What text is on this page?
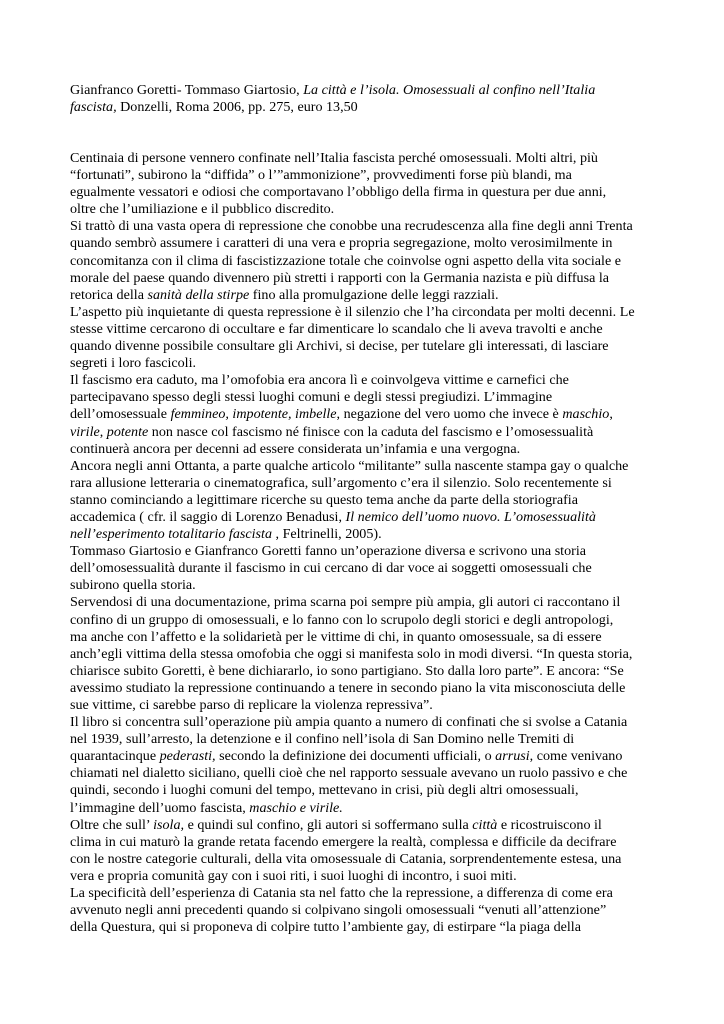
Gianfranco Goretti- Tommaso Giartosio, La città e l’isola. Omosessuali al confino nell’Italia
fascista, Donzelli, Roma 2006, pp. 275, euro 13,50
Centinaia di persone vennero confinate nell’Italia fascista perché omosessuali. Molti altri, più
“fortunati”, subirono la “diffida” o l’”ammonizione”, provvedimenti forse più blandi, ma
egualmente vessatori e odiosi che comportavano l’obbligo della firma in questura per due anni,
oltre che l’umiliazione e il pubblico discredito.
Si trattò di una vasta opera di repressione che conobbe una recrudescenza alla fine degli anni Trenta
quando sembrò assumere i caratteri di una vera e propria segregazione, molto verosimilmente in
concomitanza con il clima di fascistizzazione totale che coinvolse ogni aspetto della vita sociale e
morale del paese quando divennero più stretti i rapporti con la Germania nazista e più diffusa la
retorica della sanità della stirpe fino alla promulgazione delle leggi razziali.
L’aspetto più inquietante di questa repressione è il silenzio che l’ha circondata per molti decenni. Le
stesse vittime cercarono di occultare e far dimenticare lo scandalo che li aveva travolti e anche
quando divenne possibile consultare gli Archivi, si decise, per tutelare gli interessati, di lasciare
segreti i loro fascicoli.
Il fascismo era caduto, ma l’omofobia era ancora lì e coinvolgeva vittime e carnefici che
partecipavano spesso degli stessi luoghi comuni e degli stessi pregiudizi. L’immagine
dell’omosessuale femmineo, impotente, imbelle, negazione del vero uomo che invece è maschio,
virile, potente non nasce col fascismo né finisce con la caduta del fascismo e l’omosessualità
continuerà ancora per decenni ad essere considerata un’infamia e una vergogna.
Ancora negli anni Ottanta, a parte qualche articolo “militante” sulla nascente stampa gay o qualche
rara allusione letteraria o cinematografica, sull’argomento c’era il silenzio. Solo recentemente si
stanno cominciando a legittimare ricerche su questo tema anche da parte della storiografia
accademica ( cfr. il saggio di Lorenzo Benadusi, Il nemico dell’uomo nuovo. L’omosessualità
nell’esperimento totalitario fascista , Feltrinelli, 2005).
Tommaso Giartosio e Gianfranco Goretti fanno un’operazione diversa e scrivono una storia
dell’omosessualità durante il fascismo in cui cercano di dar voce ai soggetti omosessuali che
subirono quella storia.
Servendosi di una documentazione, prima scarna poi sempre più ampia, gli autori ci raccontano il
confino di un gruppo di omosessuali, e lo fanno con lo scrupolo degli storici e degli antropologi,
ma anche con l’affetto e la solidarietà per le vittime di chi, in quanto omosessuale, sa di essere
anch’egli vittima della stessa omofobia che oggi si manifesta solo in modi diversi. “In questa storia,
chiarisce subito Goretti, è bene dichiararlo, io sono partigiano. Sto dalla loro parte”. E ancora: “Se
avessimo studiato la repressione continuando a tenere in secondo piano la vita misconosciuta delle
sue vittime, ci sarebbe parso di replicare la violenza repressiva”.
Il libro si concentra sull’operazione più ampia quanto a numero di confinati che si svolse a Catania
nel 1939, sull’arresto, la detenzione e il confino nell’isola di San Domino nelle Tremiti di
quarantacinque pederasti, secondo la definizione dei documenti ufficiali, o arrusi, come venivano
chiamati nel dialetto siciliano, quelli cioè che nel rapporto sessuale avevano un ruolo passivo e che
quindi, secondo i luoghi comuni del tempo, mettevano in crisi, più degli altri omosessuali,
l’immagine dell’uomo fascista, maschio e virile.
Oltre che sull’ isola, e quindi sul confino, gli autori si soffermano sulla città e ricostruiscono il
clima in cui maturò la grande retata facendo emergere la realtà, complessa e difficile da decifrare
con le nostre categorie culturali, della vita omosessuale di Catania, sorprendentemente estesa, una
vera e propria comunità gay con i suoi riti, i suoi luoghi di incontro, i suoi miti.
La specificità dell’esperienza di Catania sta nel fatto che la repressione, a differenza di come era
avvenuto negli anni precedenti quando si colpivano singoli omosessuali “venuti all’attenzione”
della Questura, qui si proponeva di colpire tutto l’ambiente gay, di estirpare “la piaga della
